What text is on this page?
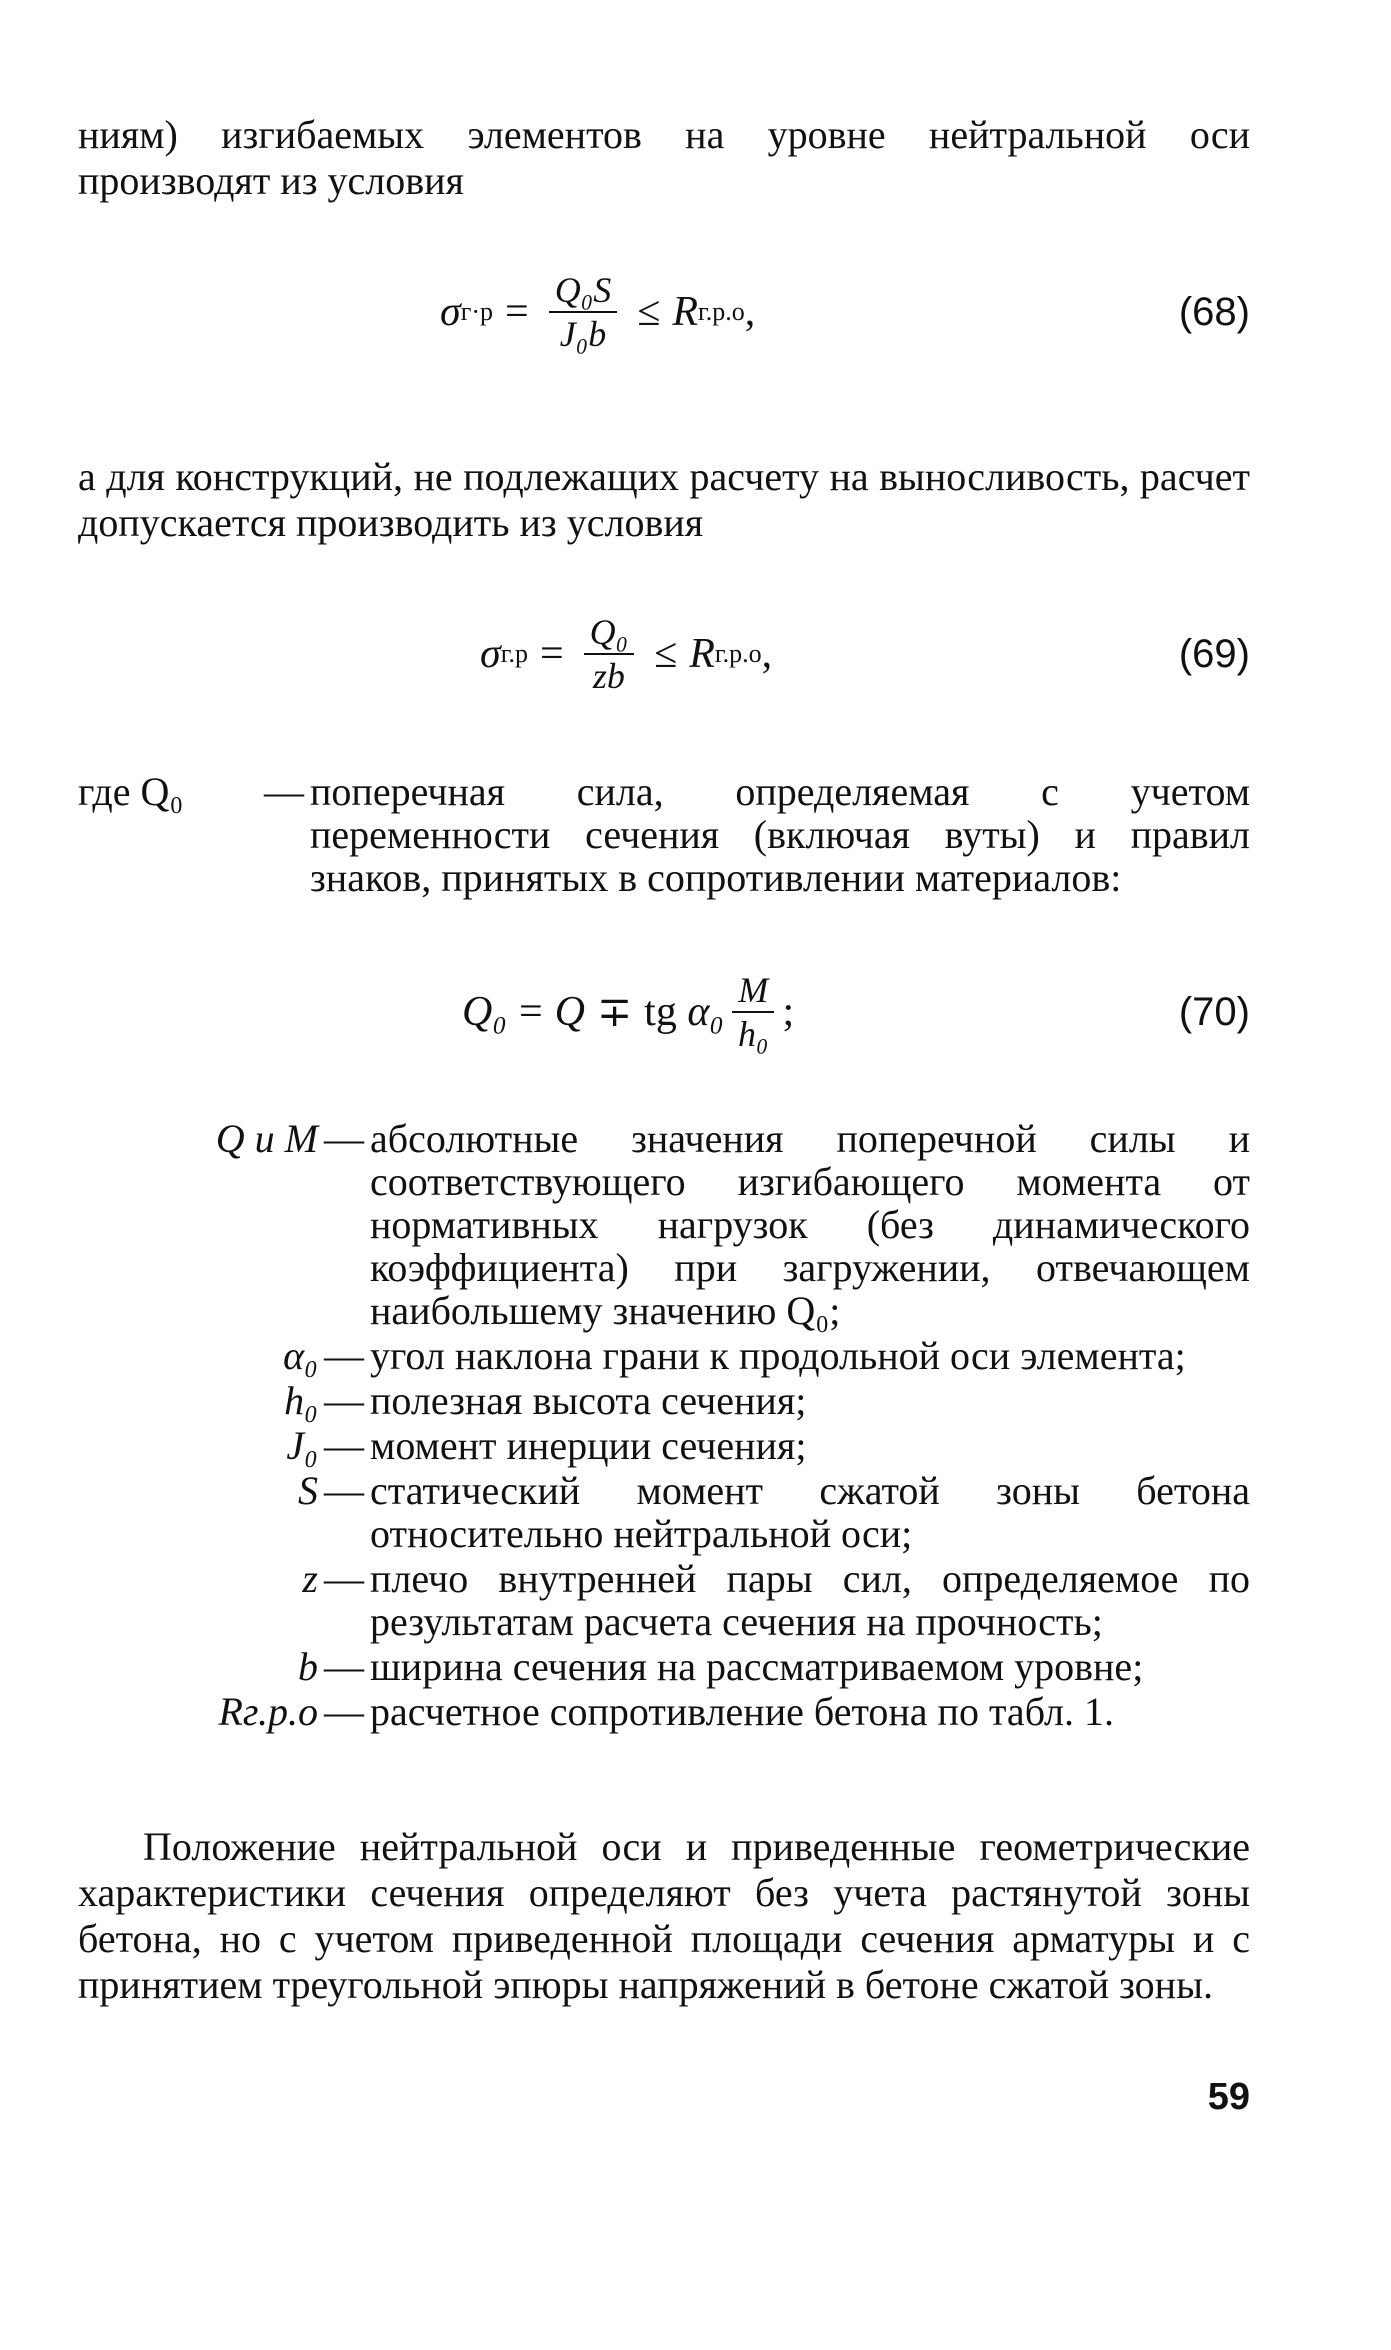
ниям) изгибаемых элементов на уровне нейтральной оси производят из условия

σ $г\cdot р = \frac{\text{Q₀S}}{\text{J₀b}} \le R$ г.р.о ,	(68)

а для конструкций, не подлежащих расчету на выносливость, расчет допускается производить из условия

σ $г.р = \frac{\text{Q₀}}{zb} \le R$ г.р.о ,	(69)
где Q₀	— поперечная сила, определяемая с учетом переменности сечения (включая вуты) и правил знаков, принятых в сопротивлении материалов:
Q₀ = Q ∓ tg
$\alpha_0 \frac{M}{\text{h₀}}$ ;	(70)
Q и M — абсолютные значения поперечной силы и соответствующего изгибающего момента от нормативных нагрузок (без динамического коэффициента) при загружении, отвечающем наибольшему значению Q₀;
α₀ — угол наклона грани к продольной оси элемента;
h₀ — полезная высота сечения;
J₀ — момент инерции сечения;
S — статический момент сжатой зоны бетона относительно нейтральной оси;
z — плечо внутренней пары сил, определяемое по результатам расчета сечения на прочность;
b — ширина сечения на рассматриваемом уровне;
Rг.р.о — расчетное сопротивление бетона по табл. 1.

Положение нейтральной оси и приведенные геометрические характеристики сечения определяют без учета растянутой зоны бетона, но с учетом приведенной площади сечения арматуры и с принятием треугольной эпюры напряжений в бетоне сжатой зоны.

59
